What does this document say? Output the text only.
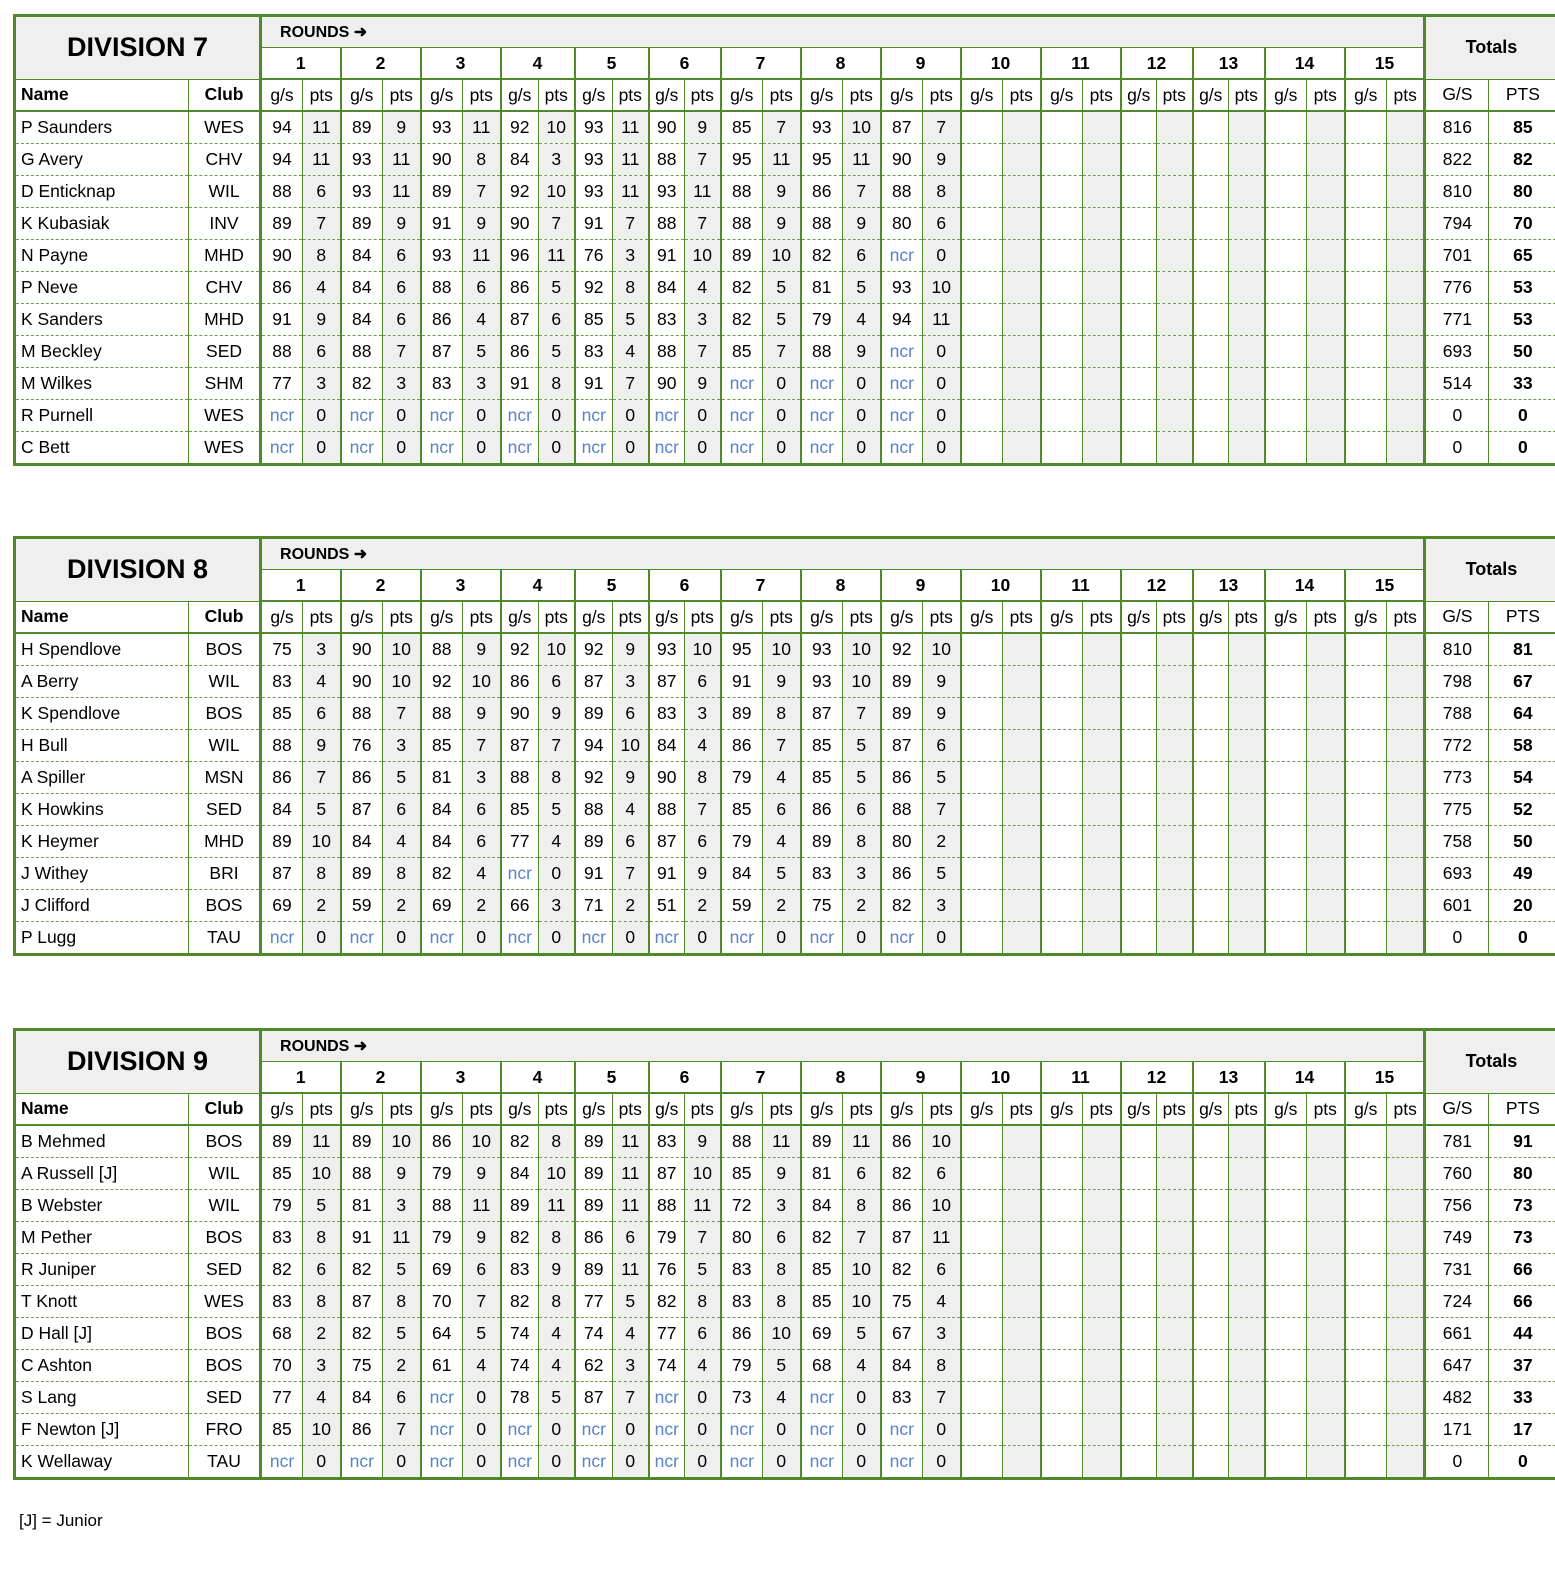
DIVISION 7		ROUNDS ➜																														Totals	
		1		2		3		4		5		6		7		8		9		10		11		12		13		14		15			
Name	Club	g/s	pts	g/s	pts	g/s	pts	g/s	pts	g/s	pts	g/s	pts	g/s	pts	g/s	pts	g/s	pts	g/s	pts	g/s	pts	g/s	pts	g/s	pts	g/s	pts	g/s	pts	G/S	PTS
P Saunders	WES	94	11	89	9	93	11	92	10	93	11	90	9	85	7	93	10	87	7													816	85
G Avery	CHV	94	11	93	11	90	8	84	3	93	11	88	7	95	11	95	11	90	9													822	82
D Enticknap	WIL	88	6	93	11	89	7	92	10	93	11	93	11	88	9	86	7	88	8													810	80
K Kubasiak	INV	89	7	89	9	91	9	90	7	91	7	88	7	88	9	88	9	80	6													794	70
N Payne	MHD	90	8	84	6	93	11	96	11	76	3	91	10	89	10	82	6	ncr	0													701	65
P Neve	CHV	86	4	84	6	88	6	86	5	92	8	84	4	82	5	81	5	93	10													776	53
K Sanders	MHD	91	9	84	6	86	4	87	6	85	5	83	3	82	5	79	4	94	11													771	53
M Beckley	SED	88	6	88	7	87	5	86	5	83	4	88	7	85	7	88	9	ncr	0													693	50
M Wilkes	SHM	77	3	82	3	83	3	91	8	91	7	90	9	ncr	0	ncr	0	ncr	0													514	33
R Purnell	WES	ncr	0	ncr	0	ncr	0	ncr	0	ncr	0	ncr	0	ncr	0	ncr	0	ncr	0													0	0
C Bett	WES	ncr	0	ncr	0	ncr	0	ncr	0	ncr	0	ncr	0	ncr	0	ncr	0	ncr	0													0	0
DIVISION 8		ROUNDS ➜																														Totals	
		1		2		3		4		5		6		7		8		9		10		11		12		13		14		15			
Name	Club	g/s	pts	g/s	pts	g/s	pts	g/s	pts	g/s	pts	g/s	pts	g/s	pts	g/s	pts	g/s	pts	g/s	pts	g/s	pts	g/s	pts	g/s	pts	g/s	pts	g/s	pts	G/S	PTS
H Spendlove	BOS	75	3	90	10	88	9	92	10	92	9	93	10	95	10	93	10	92	10													810	81
A Berry	WIL	83	4	90	10	92	10	86	6	87	3	87	6	91	9	93	10	89	9													798	67
K Spendlove	BOS	85	6	88	7	88	9	90	9	89	6	83	3	89	8	87	7	89	9													788	64
H Bull	WIL	88	9	76	3	85	7	87	7	94	10	84	4	86	7	85	5	87	6													772	58
A Spiller	MSN	86	7	86	5	81	3	88	8	92	9	90	8	79	4	85	5	86	5													773	54
K Howkins	SED	84	5	87	6	84	6	85	5	88	4	88	7	85	6	86	6	88	7													775	52
K Heymer	MHD	89	10	84	4	84	6	77	4	89	6	87	6	79	4	89	8	80	2													758	50
J Withey	BRI	87	8	89	8	82	4	ncr	0	91	7	91	9	84	5	83	3	86	5													693	49
J Clifford	BOS	69	2	59	2	69	2	66	3	71	2	51	2	59	2	75	2	82	3													601	20
P Lugg	TAU	ncr	0	ncr	0	ncr	0	ncr	0	ncr	0	ncr	0	ncr	0	ncr	0	ncr	0													0	0
DIVISION 9		ROUNDS ➜																														Totals	
		1		2		3		4		5		6		7		8		9		10		11		12		13		14		15			
Name	Club	g/s	pts	g/s	pts	g/s	pts	g/s	pts	g/s	pts	g/s	pts	g/s	pts	g/s	pts	g/s	pts	g/s	pts	g/s	pts	g/s	pts	g/s	pts	g/s	pts	g/s	pts	G/S	PTS
B Mehmed	BOS	89	11	89	10	86	10	82	8	89	11	83	9	88	11	89	11	86	10													781	91
A Russell [J]	WIL	85	10	88	9	79	9	84	10	89	11	87	10	85	9	81	6	82	6													760	80
B Webster	WIL	79	5	81	3	88	11	89	11	89	11	88	11	72	3	84	8	86	10													756	73
M Pether	BOS	83	8	91	11	79	9	82	8	86	6	79	7	80	6	82	7	87	11													749	73
R Juniper	SED	82	6	82	5	69	6	83	9	89	11	76	5	83	8	85	10	82	6													731	66
T Knott	WES	83	8	87	8	70	7	82	8	77	5	82	8	83	8	85	10	75	4													724	66
D Hall [J]	BOS	68	2	82	5	64	5	74	4	74	4	77	6	86	10	69	5	67	3													661	44
C Ashton	BOS	70	3	75	2	61	4	74	4	62	3	74	4	79	5	68	4	84	8													647	37
S Lang	SED	77	4	84	6	ncr	0	78	5	87	7	ncr	0	73	4	ncr	0	83	7													482	33
F Newton [J]	FRO	85	10	86	7	ncr	0	ncr	0	ncr	0	ncr	0	ncr	0	ncr	0	ncr	0													171	17
K Wellaway	TAU	ncr	0	ncr	0	ncr	0	ncr	0	ncr	0	ncr	0	ncr	0	ncr	0	ncr	0													0	0
[J] = Junior
